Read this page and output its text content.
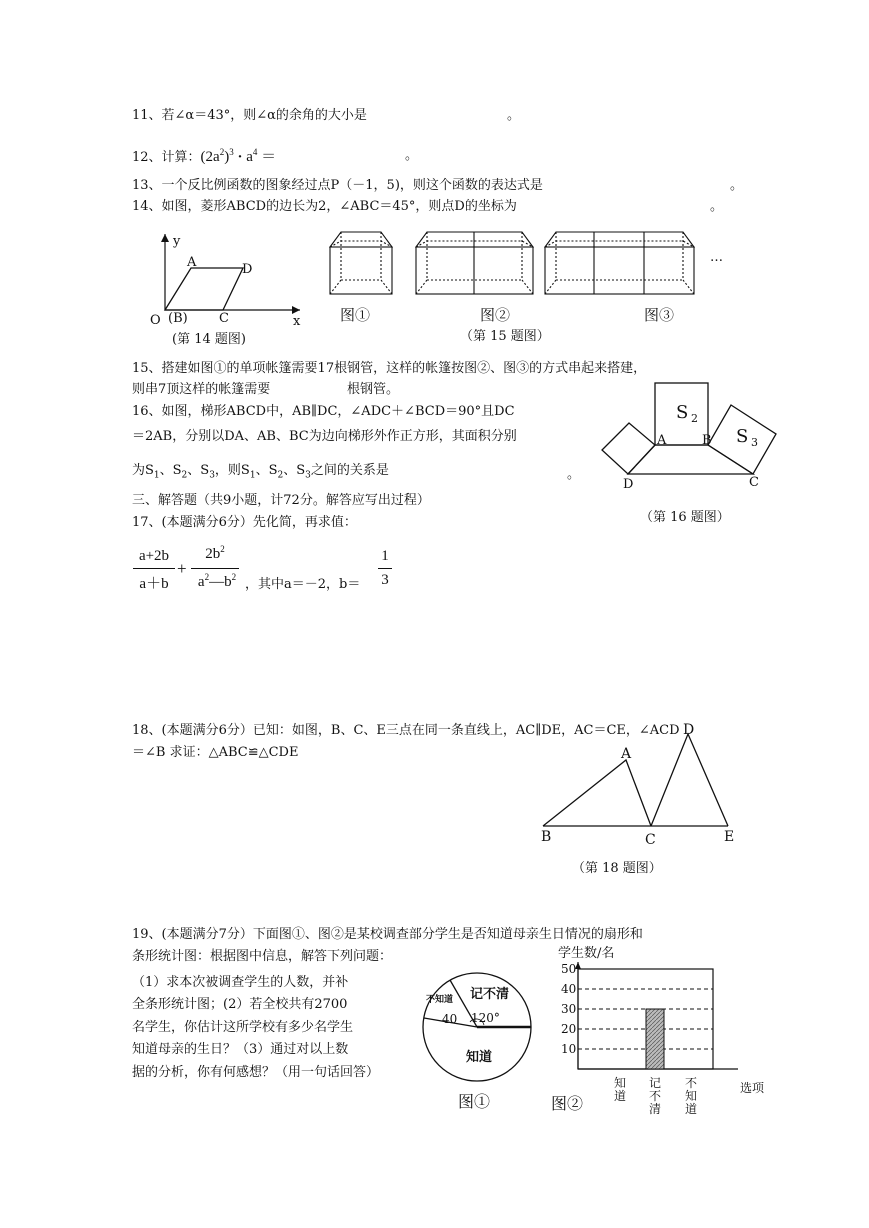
11、若∠α＝43°，则∠α的余角的大小是	。
12、计算：$(2a^2)^3 \cdot a^4$ ＝	。
13、一个反比例函数的图象经过点P（－1，5)，则这个函数的表达式是	。
14、如图，菱形ABCD的边长为2，∠ABC＝45°，则点D的坐标为	。
y
x
A	D
O (B) C
(第 14 题图)
…
图①	图②	图③
（第 15 题图）
15、搭建如图①的单项帐篷需要17根钢管，这样的帐篷按图②、图③的方式串起来搭建，
则串7顶这样的帐篷需要	根钢管。
16、如图，梯形ABCD中，AB∥DC，∠ADC＋∠BCD＝90°且DC
＝2AB，分别以DA、AB、BC为边向梯形外作正方形，其面积分别
为$S_1$、$S_2$、$S_3$，则$S_1$、$S_2$、$S_3$之间的关系是	。
A	B
D	C
S 2
S 3
（第 16 题图）
三、解答题（共9小题，计72分。解答应写出过程）
17、(本题满分6分）先化简，再求值：
a+2b
a＋b
+
$2b^2$
$a^2—b^2$ ，其中a＝－2，b＝
1
3
18、(本题满分6分）已知：如图，B、C、E三点在同一条直线上，AC∥DE，AC＝CE，∠ACD
＝∠B 求证：△ABC≌△CDE	A
D
B	C	E
（第 18 题图）
19、(本题满分7分）下面图①、图②是某校调查部分学生是否知道母亲生日情况的扇形和
条形统计图：根据图中信息，解答下列问题：
（1）求本次被调查学生的人数，并补
全条形统计图；(2）若全校共有2700
名学生，你估计这所学校有多少名学生
知道母亲的生日？（3）通过对以上数
据的分析，你有何感想？（用一句话回答）
不知道
40
记不清
120°
知道
图①
学生数/名
10
20
30
40
50
知道
记不清
不知道
选项
图②
